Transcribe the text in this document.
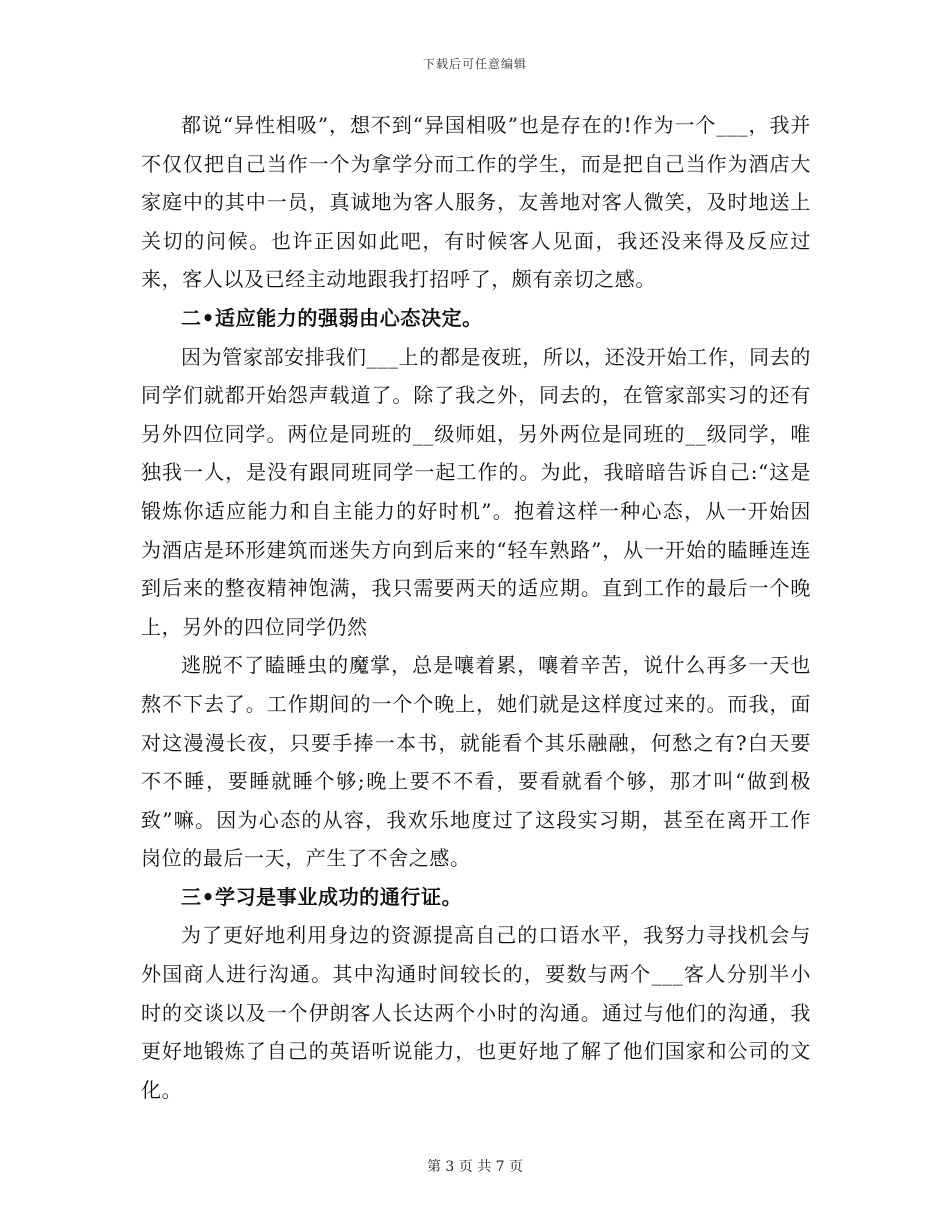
下载后可任意编辑

都说“异性相吸”，想不到“异国相吸”也是存在的!作为一个___，我并不仅仅把自己当作一个为拿学分而工作的学生，而是把自己当作为酒店大家庭中的其中一员，真诚地为客人服务，友善地对客人微笑，及时地送上关切的问候。也许正因如此吧，有时候客人见面，我还没来得及反应过来，客人以及已经主动地跟我打招呼了，颇有亲切之感。

二•适应能力的强弱由心态决定。

因为管家部安排我们___上的都是夜班，所以，还没开始工作，同去的同学们就都开始怨声载道了。除了我之外，同去的，在管家部实习的还有另外四位同学。两位是同班的__级师姐，另外两位是同班的__级同学，唯独我一人，是没有跟同班同学一起工作的。为此，我暗暗告诉自己:“这是锻炼你适应能力和自主能力的好时机”。抱着这样一种心态，从一开始因为酒店是环形建筑而迷失方向到后来的“轻车熟路”，从一开始的瞌睡连连到后来的整夜精神饱满，我只需要两天的适应期。直到工作的最后一个晚上，另外的四位同学仍然

逃脱不了瞌睡虫的魔掌，总是嚷着累，嚷着辛苦，说什么再多一天也熬不下去了。工作期间的一个个晚上，她们就是这样度过来的。而我，面对这漫漫长夜，只要手捧一本书，就能看个其乐融融，何愁之有?白天要不不睡，要睡就睡个够;晚上要不不看，要看就看个够，那才叫“做到极致”嘛。因为心态的从容，我欢乐地度过了这段实习期，甚至在离开工作岗位的最后一天，产生了不舍之感。

三•学习是事业成功的通行证。

为了更好地利用身边的资源提高自己的口语水平，我努力寻找机会与外国商人进行沟通。其中沟通时间较长的，要数与两个___客人分别半小时的交谈以及一个伊朗客人长达两个小时的沟通。通过与他们的沟通，我更好地锻炼了自己的英语听说能力，也更好地了解了他们国家和公司的文化。

第 3 页 共 7 页
